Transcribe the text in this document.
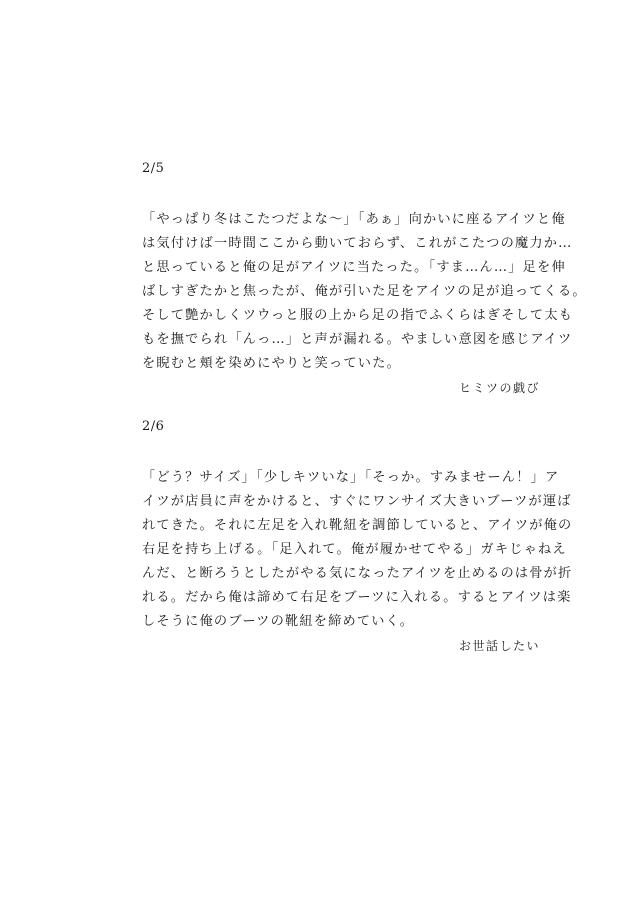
2/5

「やっぱり冬はこたつだよな〜」「あぁ」向かいに座るアイツと俺
は気付けば一時間ここから動いておらず、これがこたつの魔力か…
と思っていると俺の足がアイツに当たった。「すま…ん…」足を伸
ばしすぎたかと焦ったが、俺が引いた足をアイツの足が追ってくる。
そして艶かしくツウっと服の上から足の指でふくらはぎそして太も
もを撫でられ「んっ…」と声が漏れる。やましい意図を感じアイツ
を睨むと頬を染めにやりと笑っていた。

ヒミツの戯び
2/6

「どう？サイズ」「少しキツいな」「そっか。すみませーん！」ア
イツが店員に声をかけると、すぐにワンサイズ大きいブーツが運ば
れてきた。それに左足を入れ靴紐を調節していると、アイツが俺の
右足を持ち上げる。「足入れて。俺が履かせてやる」ガキじゃねえ
んだ、と断ろうとしたがやる気になったアイツを止めるのは骨が折
れる。だから俺は諦めて右足をブーツに入れる。するとアイツは楽
しそうに俺のブーツの靴紐を締めていく。

お世話したい
